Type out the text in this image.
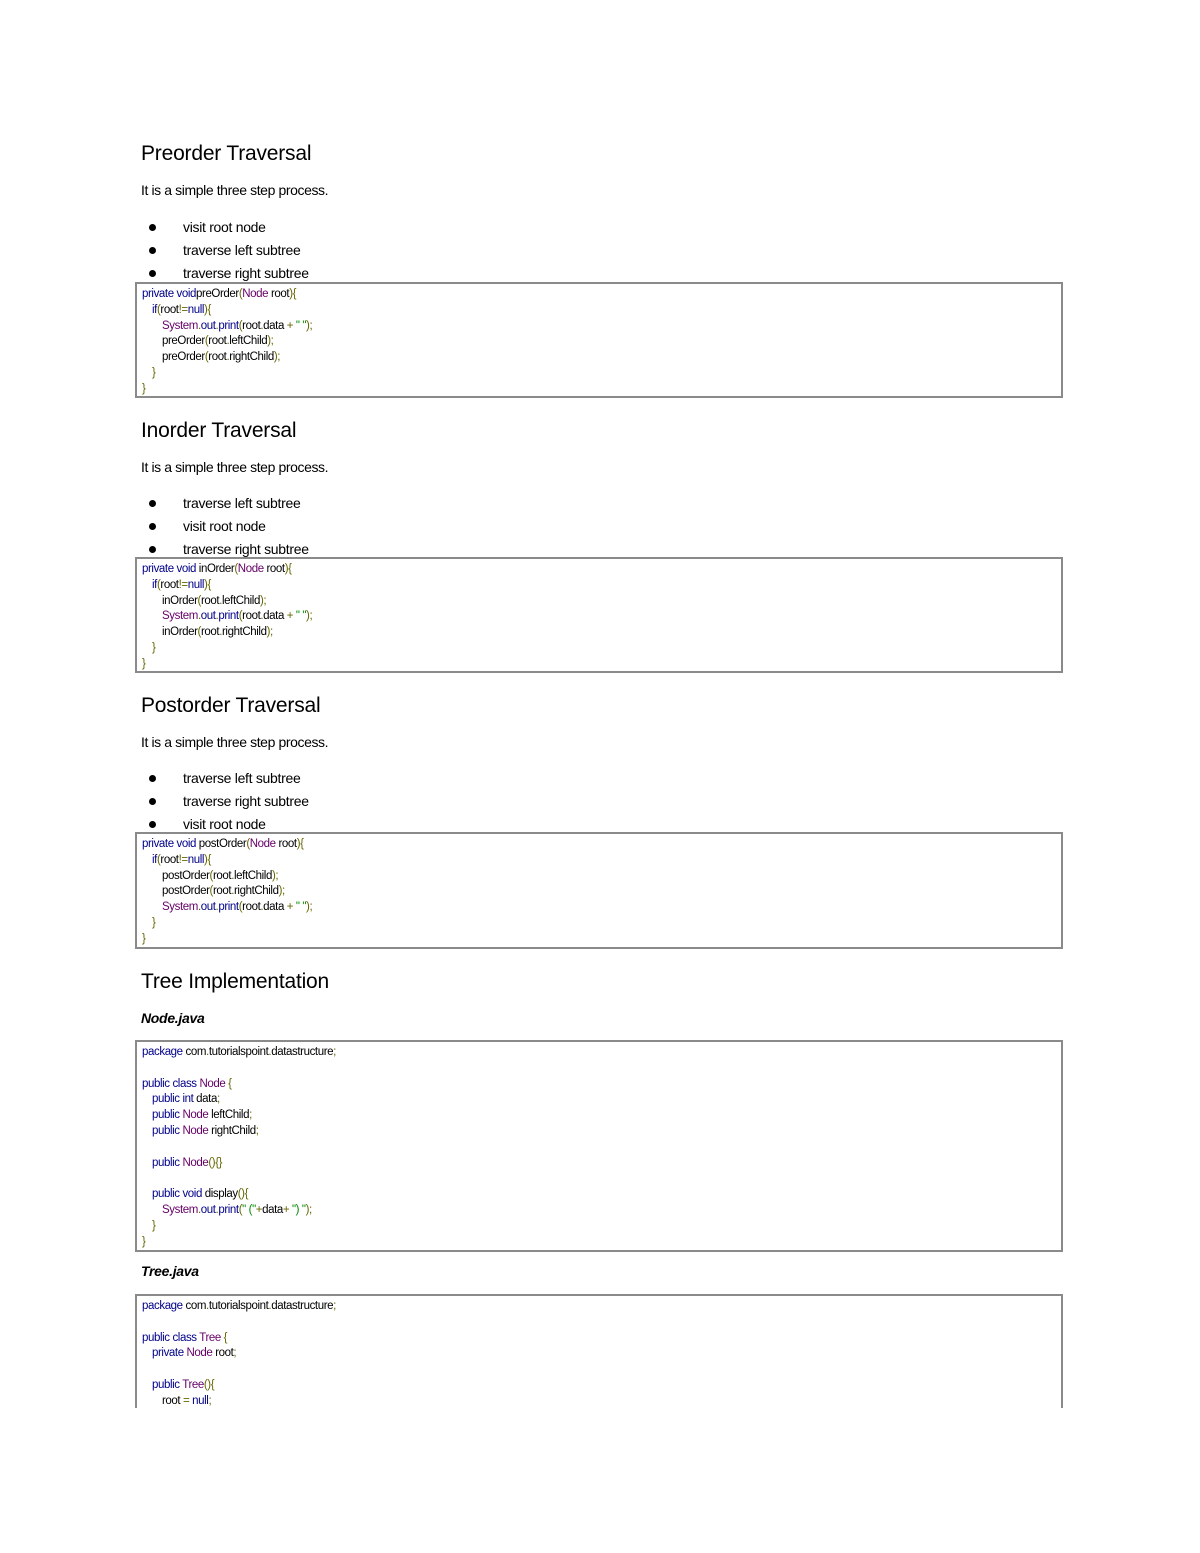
Preorder Traversal

It is a simple three step process.

visit root node
traverse left subtree
traverse right subtree
private voidpreOrder(Node root){
if(root!=null){
System.out.print(root.data + " ");
preOrder(root.leftChild);
preOrder(root.rightChild);
}
}
Inorder Traversal

It is a simple three step process.

traverse left subtree
visit root node
traverse right subtree
private void inOrder(Node root){
if(root!=null){
inOrder(root.leftChild);
System.out.print(root.data + " ");
inOrder(root.rightChild);
}
}
Postorder Traversal

It is a simple three step process.

traverse left subtree
traverse right subtree
visit root node
private void postOrder(Node root){
if(root!=null){
postOrder(root.leftChild);
postOrder(root.rightChild);
System.out.print(root.data + " ");
}
}
Tree Implementation

Node.java

package com.tutorialspoint.datastructure;

public class Node {
public int data;
public Node leftChild;
public Node rightChild;

public Node(){}

public void display(){
System.out.print(" ("+data+ ") ");
}
}

Tree.java

package com.tutorialspoint.datastructure;

public class Tree {
private Node root;

public Tree(){
root = null;
